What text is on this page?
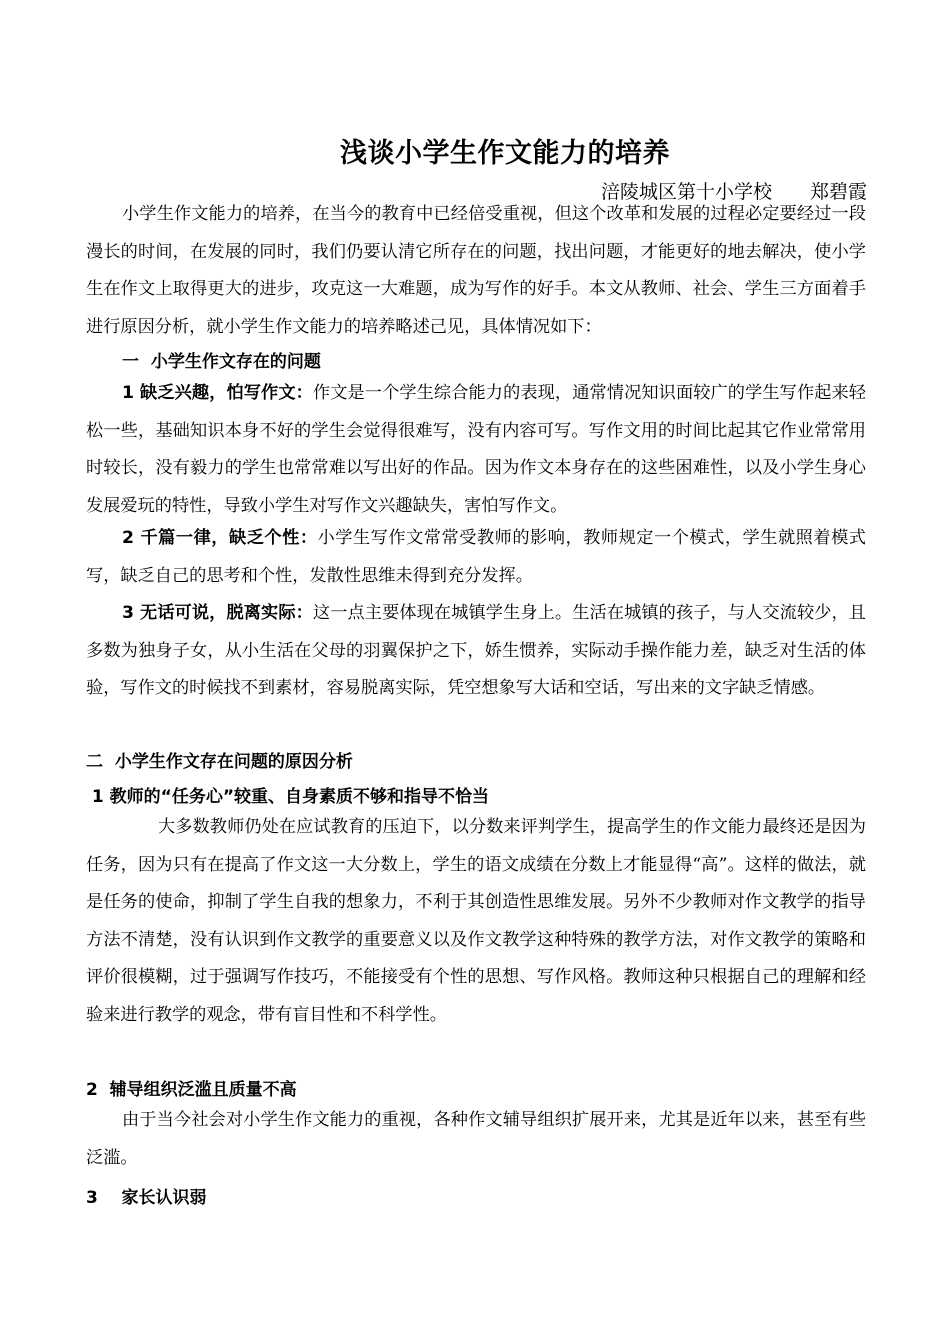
浅谈小学生作文能力的培养
涪陵城区第十小学校　　郑碧霞

小学生作文能力的培养，在当今的教育中已经倍受重视，但这个改革和发展的过程必定要经过一段漫长的时间，在发展的同时，我们仍要认清它所存在的问题，找出问题，才能更好的地去解决，使小学生在作文上取得更大的进步，攻克这一大难题，成为写作的好手。本文从教师、社会、学生三方面着手进行原因分析，就小学生作文能力的培养略述己见，具体情况如下：

一  小学生作文存在的问题

1 缺乏兴趣，怕写作文：作文是一个学生综合能力的表现，通常情况知识面较广的学生写作起来轻松一些，基础知识本身不好的学生会觉得很难写，没有内容可写。写作文用的时间比起其它作业常常用时较长，没有毅力的学生也常常难以写出好的作品。因为作文本身存在的这些困难性，以及小学生身心发展爱玩的特性，导致小学生对写作文兴趣缺失，害怕写作文。

2 千篇一律，缺乏个性：小学生写作文常常受教师的影响，教师规定一个模式，学生就照着模式写，缺乏自己的思考和个性，发散性思维未得到充分发挥。

3 无话可说，脱离实际：这一点主要体现在城镇学生身上。生活在城镇的孩子，与人交流较少，且多数为独身子女，从小生活在父母的羽翼保护之下，娇生惯养，实际动手操作能力差，缺乏对生活的体验，写作文的时候找不到素材，容易脱离实际，凭空想象写大话和空话，写出来的文字缺乏情感。

二  小学生作文存在问题的原因分析
1 教师的“任务心”较重、自身素质不够和指导不恰当

大多数教师仍处在应试教育的压迫下，以分数来评判学生，提高学生的作文能力最终还是因为任务，因为只有在提高了作文这一大分数上，学生的语文成绩在分数上才能显得“高”。这样的做法，就是任务的使命，抑制了学生自我的想象力，不利于其创造性思维发展。另外不少教师对作文教学的指导方法不清楚，没有认识到作文教学的重要意义以及作文教学这种特殊的教学方法，对作文教学的策略和评价很模糊，过于强调写作技巧，不能接受有个性的思想、写作风格。教师这种只根据自己的理解和经验来进行教学的观念，带有盲目性和不科学性。

2  辅导组织泛滥且质量不高

由于当今社会对小学生作文能力的重视，各种作文辅导组织扩展开来，尤其是近年以来，甚至有些泛滥。

3    家长认识弱
